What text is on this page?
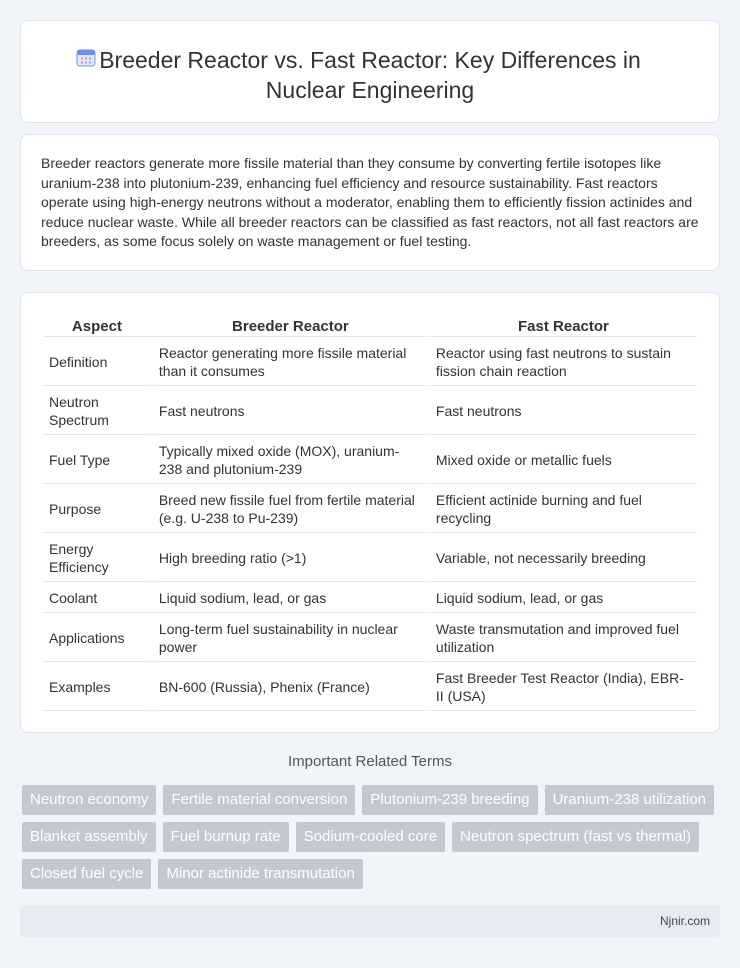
Breeder Reactor vs. Fast Reactor: Key Differences in Nuclear Engineering

Breeder reactors generate more fissile material than they consume by converting fertile isotopes like uranium-238 into plutonium-239, enhancing fuel efficiency and resource sustainability. Fast reactors operate using high-energy neutrons without a moderator, enabling them to efficiently fission actinides and reduce nuclear waste. While all breeder reactors can be classified as fast reactors, not all fast reactors are breeders, as some focus solely on waste management or fuel testing.

Aspect	Breeder Reactor	Fast Reactor
Definition	Reactor generating more fissile material than it consumes	Reactor using fast neutrons to sustain fission chain reaction
Neutron Spectrum	Fast neutrons	Fast neutrons
Fuel Type	Typically mixed oxide (MOX), uranium-238 and plutonium-239	Mixed oxide or metallic fuels
Purpose	Breed new fissile fuel from fertile material (e.g. U-238 to Pu-239)	Efficient actinide burning and fuel recycling
Energy Efficiency	High breeding ratio (>1)	Variable, not necessarily breeding
Coolant	Liquid sodium, lead, or gas	Liquid sodium, lead, or gas
Applications	Long-term fuel sustainability in nuclear power	Waste transmutation and improved fuel utilization
Examples	BN-600 (Russia), Phenix (France)	Fast Breeder Test Reactor (India), EBR-II (USA)
Important Related Terms
Neutron economy	Fertile material conversion	Plutonium-239 breeding	Uranium-238 utilization
Blanket assembly	Fuel burnup rate	Sodium-cooled core	Neutron spectrum (fast vs thermal)
Closed fuel cycle	Minor actinide transmutation
Njnir.com
